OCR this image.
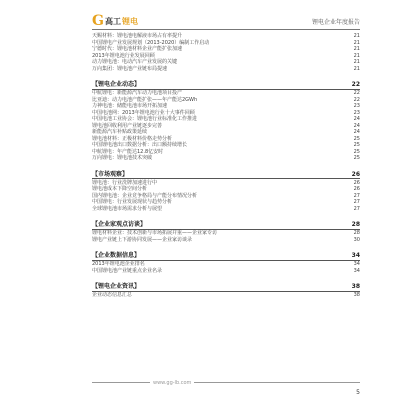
G 高工 锂电	锂电企业年度报告
天赐材料：锂电池电解液市场占有率提升	21
中国锂电产业发展规划（2013-2020）编制工作启动	21
宁德时代：锂电池材料企业产能扩张加速	21
2013年锂电池行业发展回顾	21
动力锂电池：电动汽车产业发展的关键	21
万向集团：锂电池产业链布局提速	21
【锂电企业动态】	22
中航锂电：新能源汽车动力电池项目投产	22
比亚迪：动力电池产能扩张——年产能达2GWh	22
力神电池：储能电池市场开拓加速	23
中国电池网：2013年锂电池行业十大事件回顾	23
中国电池工业协会：锂电池行业标准化工作推进	24
锂电池回收利用产业链逐步完善	24
新能源汽车补贴政策延续	24
锂电池材料：正极材料价格走势分析	25
中国锂电池出口数据分析：出口额持续增长	25
中航锂电：年产能达12.8亿安时	25
万向锂电：锂电池技术突破	25
【市场观察】	26
锂电池：行业洗牌加速进行中	26
锂电池成本下降空间分析	26
国内锂电池：企业竞争格局与产能分布情况分析	27
中国锂电：行业发展现状与趋势分析	27
全球锂电池市场需求分析与展望	27
【企业家观点访谈】	28
锂电材料企业：技术创新与市场拓展并重——企业家专访	28
锂电产业链上下游协同发展——企业家访谈录	30
【企业数据信息】	34
2013年锂电池企业排名	34
中国锂电池产业链重点企业名录	34
【锂电企业资讯】	38
企业动态信息汇总	38
www.gg-lb.com
5
